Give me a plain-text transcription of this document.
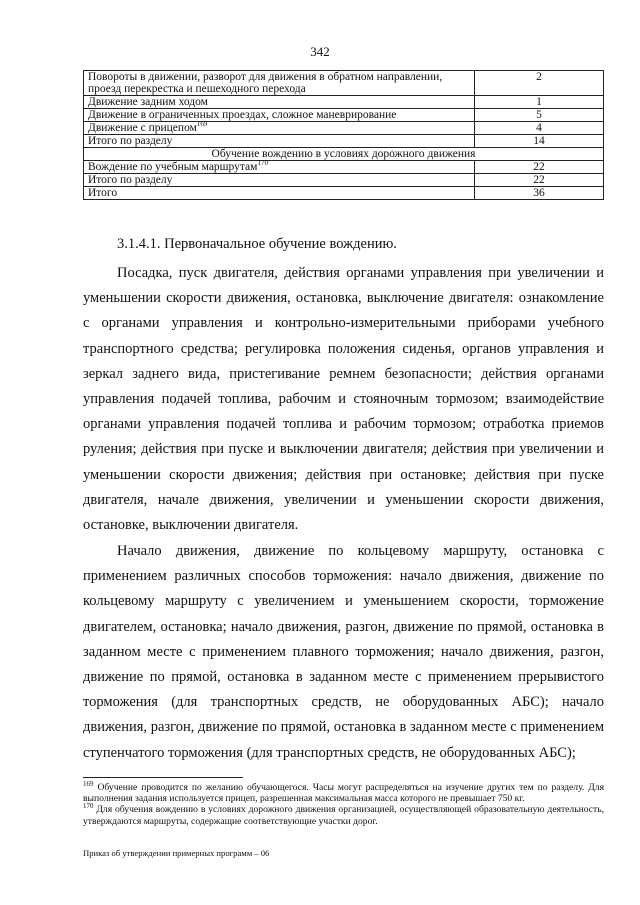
342
Повороты в движении, разворот для движения в обратном направлении, проезд перекрестка и пешеходного перехода	2
Движение задним ходом	1
Движение в ограниченных проездах, сложное маневрирование	5
Движение с прицепом$^{169}$	4
Итого по разделу	14
Обучение вождению в условиях дорожного движения	
Вождение по учебным маршрутам$^{170}$	22
Итого по разделу	22
Итого	36
3.1.4.1. Первоначальное обучение вождению.

Посадка, пуск двигателя, действия органами управления при увеличении и уменьшении скорости движения, остановка, выключение двигателя: ознакомление с органами управления и контрольно-измерительными приборами учебного транспортного средства; регулировка положения сиденья, органов управления и зеркал заднего вида, пристегивание ремнем безопасности; действия органами управления подачей топлива, рабочим и стояночным тормозом; взаимодействие органами управления подачей топлива и рабочим тормозом; отработка приемов руления; действия при пуске и выключении двигателя; действия при увеличении и уменьшении скорости движения; действия при остановке; действия при пуске двигателя, начале движения, увеличении и уменьшении скорости движения, остановке, выключении двигателя.

Начало движения, движение по кольцевому маршруту, остановка с применением различных способов торможения: начало движения, движение по кольцевому маршруту с увеличением и уменьшением скорости, торможение двигателем, остановка; начало движения, разгон, движение по прямой, остановка в заданном месте с применением плавного торможения; начало движения, разгон, движение по прямой, остановка в заданном месте с применением прерывистого торможения (для транспортных средств, не оборудованных АБС); начало движения, разгон, движение по прямой, остановка в заданном месте с применением ступенчатого торможения (для транспортных средств, не оборудованных АБС);

$^{169}$ Обучение проводится по желанию обучающегося. Часы могут распределяться на изучение других тем по разделу. Для выполнения задания используется прицеп, разрешенная максимальная масса которого не превышает 750 кг.

$^{170}$ Для обучения вождению в условиях дорожного движения организацией, осуществляющей образовательную деятельность, утверждаются маршруты, содержащие соответствующие участки дорог.

Приказ об утверждении примерных программ – 06
